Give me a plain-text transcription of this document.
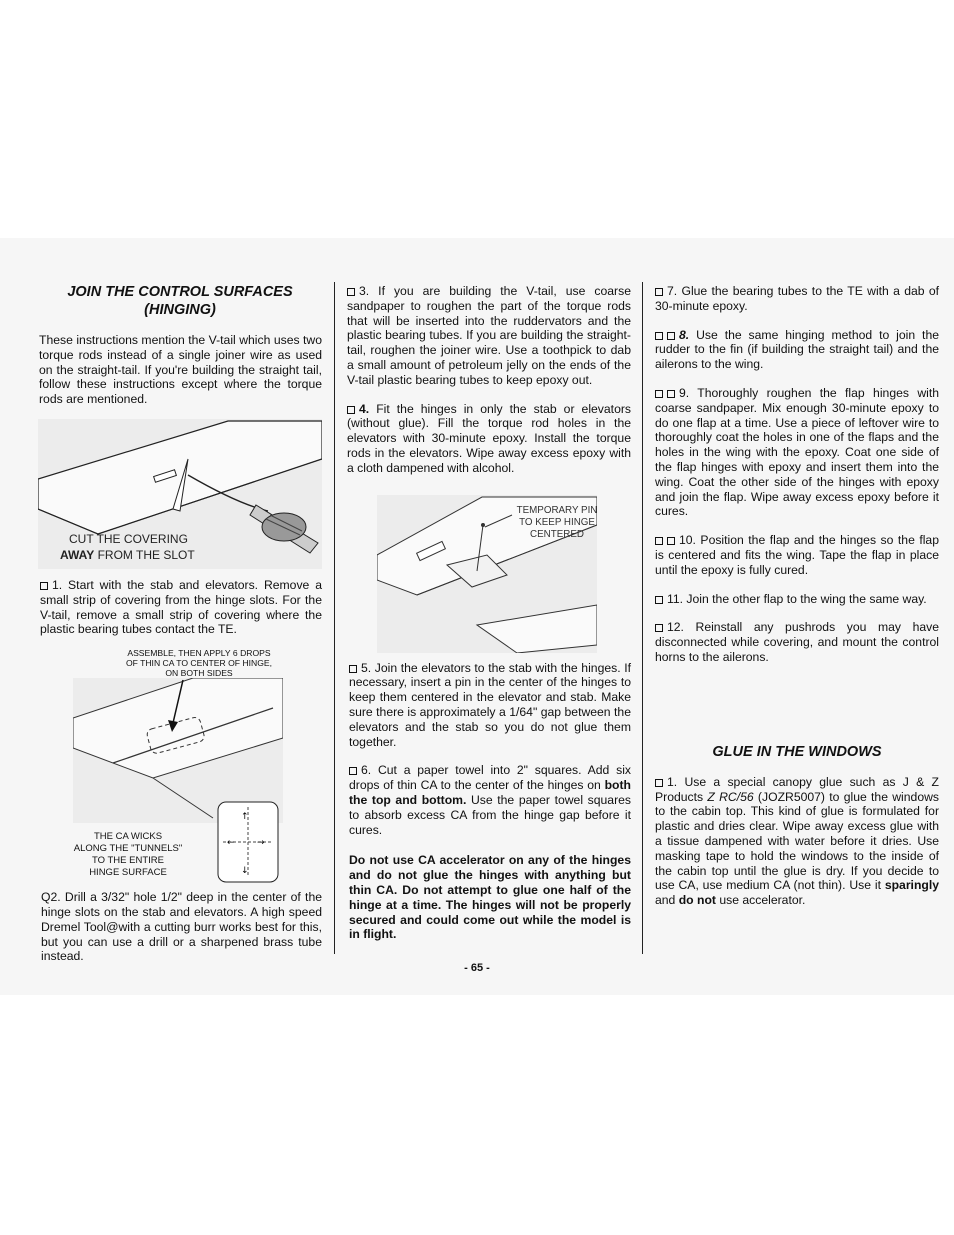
JOIN THE CONTROL SURFACES
(HINGING)

These instructions mention the V-tail which uses two torque rods instead of a single joiner wire as used on the straight-tail. If you're building the straight tail, follow these instructions except where the torque rods are mentioned.

CUT THE COVERING
AWAY FROM THE SLOT

1. Start with the stab and elevators. Remove a small strip of covering from the hinge slots. For the V-tail, remove a small strip of covering where the plastic bearing tubes contact the TE.

ASSEMBLE, THEN APPLY 6 DROPS OF THIN CA TO CENTER OF HINGE, ON BOTH SIDES
THE CA WICKS
ALONG THE "TUNNELS"
TO THE ENTIRE
HINGE SURFACE
↑
↓
← →

Q2. Drill a 3/32" hole 1/2" deep in the center of the hinge slots on the stab and elevators. A high speed Dremel Tool@with a cutting burr works best for this, but you can use a drill or a sharpened brass tube instead.

3. If you are building the V-tail, use coarse sandpaper to roughen the part of the torque rods that will be inserted into the ruddervators and the plastic bearing tubes. If you are building the straight-tail, roughen the joiner wire. Use a toothpick to dab a small amount of petroleum jelly on the ends of the V-tail plastic bearing tubes to keep epoxy out.

4. Fit the hinges in only the stab or elevators (without glue). Fill the torque rod holes in the elevators with 30-minute epoxy. Install the torque rods in the elevators. Wipe away excess epoxy with a cloth dampened with alcohol.

TEMPORARY PIN
TO KEEP HINGE
CENTERED

5. Join the elevators to the stab with the hinges. If necessary, insert a pin in the center of the hinges to keep them centered in the elevator and stab. Make sure there is approximately a 1/64" gap between the elevators and the stab so you do not glue them together.

6. Cut a paper towel into 2" squares. Add six drops of thin CA to the center of the hinges on both the top and bottom. Use the paper towel squares to absorb excess CA from the hinge gap before it cures.

Do not use CA accelerator on any of the hinges and do not glue the hinges with anything but thin CA. Do not attempt to glue one half of the hinge at a time. The hinges will not be properly secured and could come out while the model is in flight.

7. Glue the bearing tubes to the TE with a dab of 30-minute epoxy.

8. Use the same hinging method to join the rudder to the fin (if building the straight tail) and the ailerons to the wing.

9. Thoroughly roughen the flap hinges with coarse sandpaper. Mix enough 30-minute epoxy to do one flap at a time. Use a piece of leftover wire to thoroughly coat the holes in one of the flaps and the holes in the wing with the epoxy. Coat one side of the flap hinges with epoxy and insert them into the wing. Coat the other side of the hinges with epoxy and join the flap. Wipe away excess epoxy before it cures.

10. Position the flap and the hinges so the flap is centered and fits the wing. Tape the flap in place until the epoxy is fully cured.

11. Join the other flap to the wing the same way.

12. Reinstall any pushrods you may have disconnected while covering, and mount the control horns to the ailerons.

GLUE IN THE WINDOWS

1. Use a special canopy glue such as J & Z Products Z RC/56 (JOZR5007) to glue the windows to the cabin top. This kind of glue is formulated for plastic and dries clear. Wipe away excess glue with a tissue dampened with water before it dries. Use masking tape to hold the windows to the inside of the cabin top until the glue is dry. If you decide to use CA, use medium CA (not thin). Use it sparingly and do not use accelerator.

- 65 -
